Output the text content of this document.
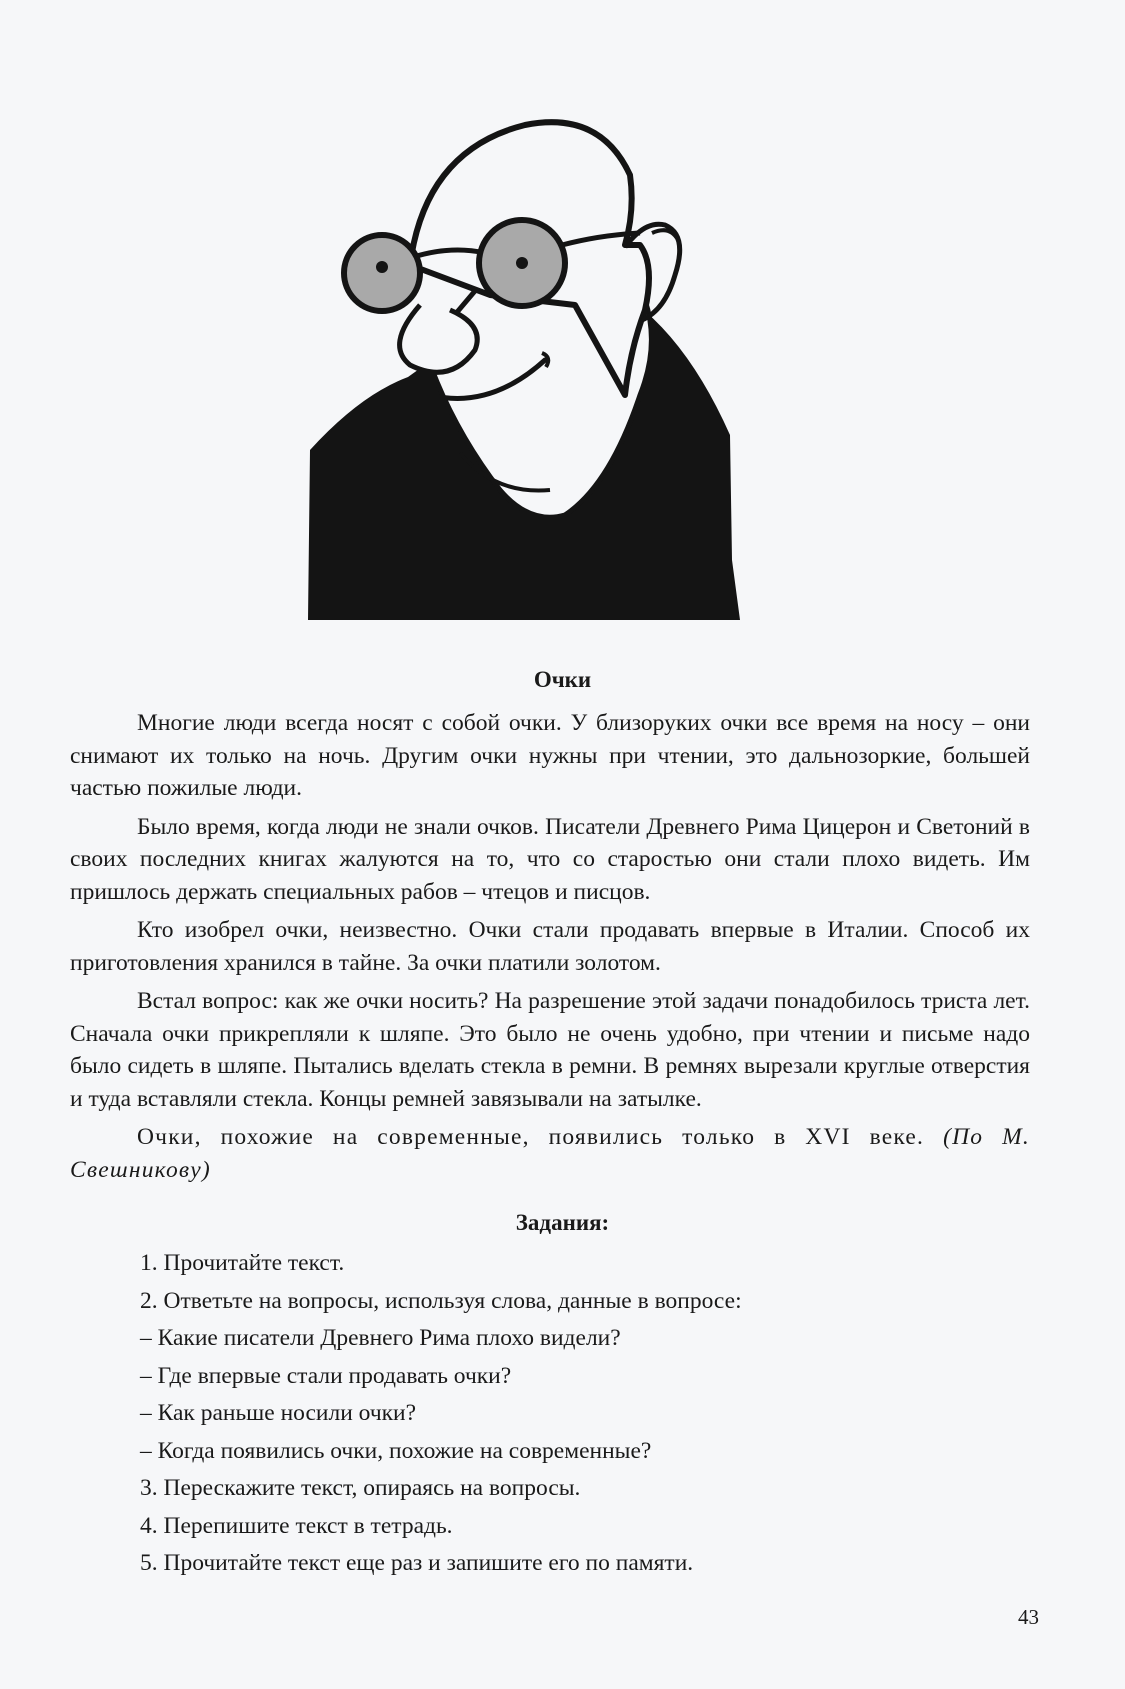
Очки

Многие люди всегда носят с собой очки. У близоруких очки все время на носу – они снимают их только на ночь. Другим очки нужны при чтении, это дальнозоркие, большей частью пожилые люди.

Было время, когда люди не знали очков. Писатели Древнего Рима Цицерон и Светоний в своих последних книгах жалуются на то, что со старостью они стали плохо видеть. Им пришлось держать специальных рабов – чтецов и писцов.

Кто изобрел очки, неизвестно. Очки стали продавать впервые в Италии. Способ их приготовления хранился в тайне. За очки платили золотом.

Встал вопрос: как же очки носить? На разрешение этой задачи понадобилось триста лет. Сначала очки прикрепляли к шляпе. Это было не очень удобно, при чтении и письме надо было сидеть в шляпе. Пытались вделать стекла в ремни. В ремнях вырезали круглые отверстия и туда вставляли стекла. Концы ремней завязывали на затылке.

Очки, похожие на современные, появились только в XVI веке. (По М. Свешникову)

Задания:
1. Прочитайте текст.
2. Ответьте на вопросы, используя слова, данные в вопросе:
– Какие писатели Древнего Рима плохо видели?
– Где впервые стали продавать очки?
– Как раньше носили очки?
– Когда появились очки, похожие на современные?
3. Перескажите текст, опираясь на вопросы.
4. Перепишите текст в тетрадь.
5. Прочитайте текст еще раз и запишите его по памяти.
43
